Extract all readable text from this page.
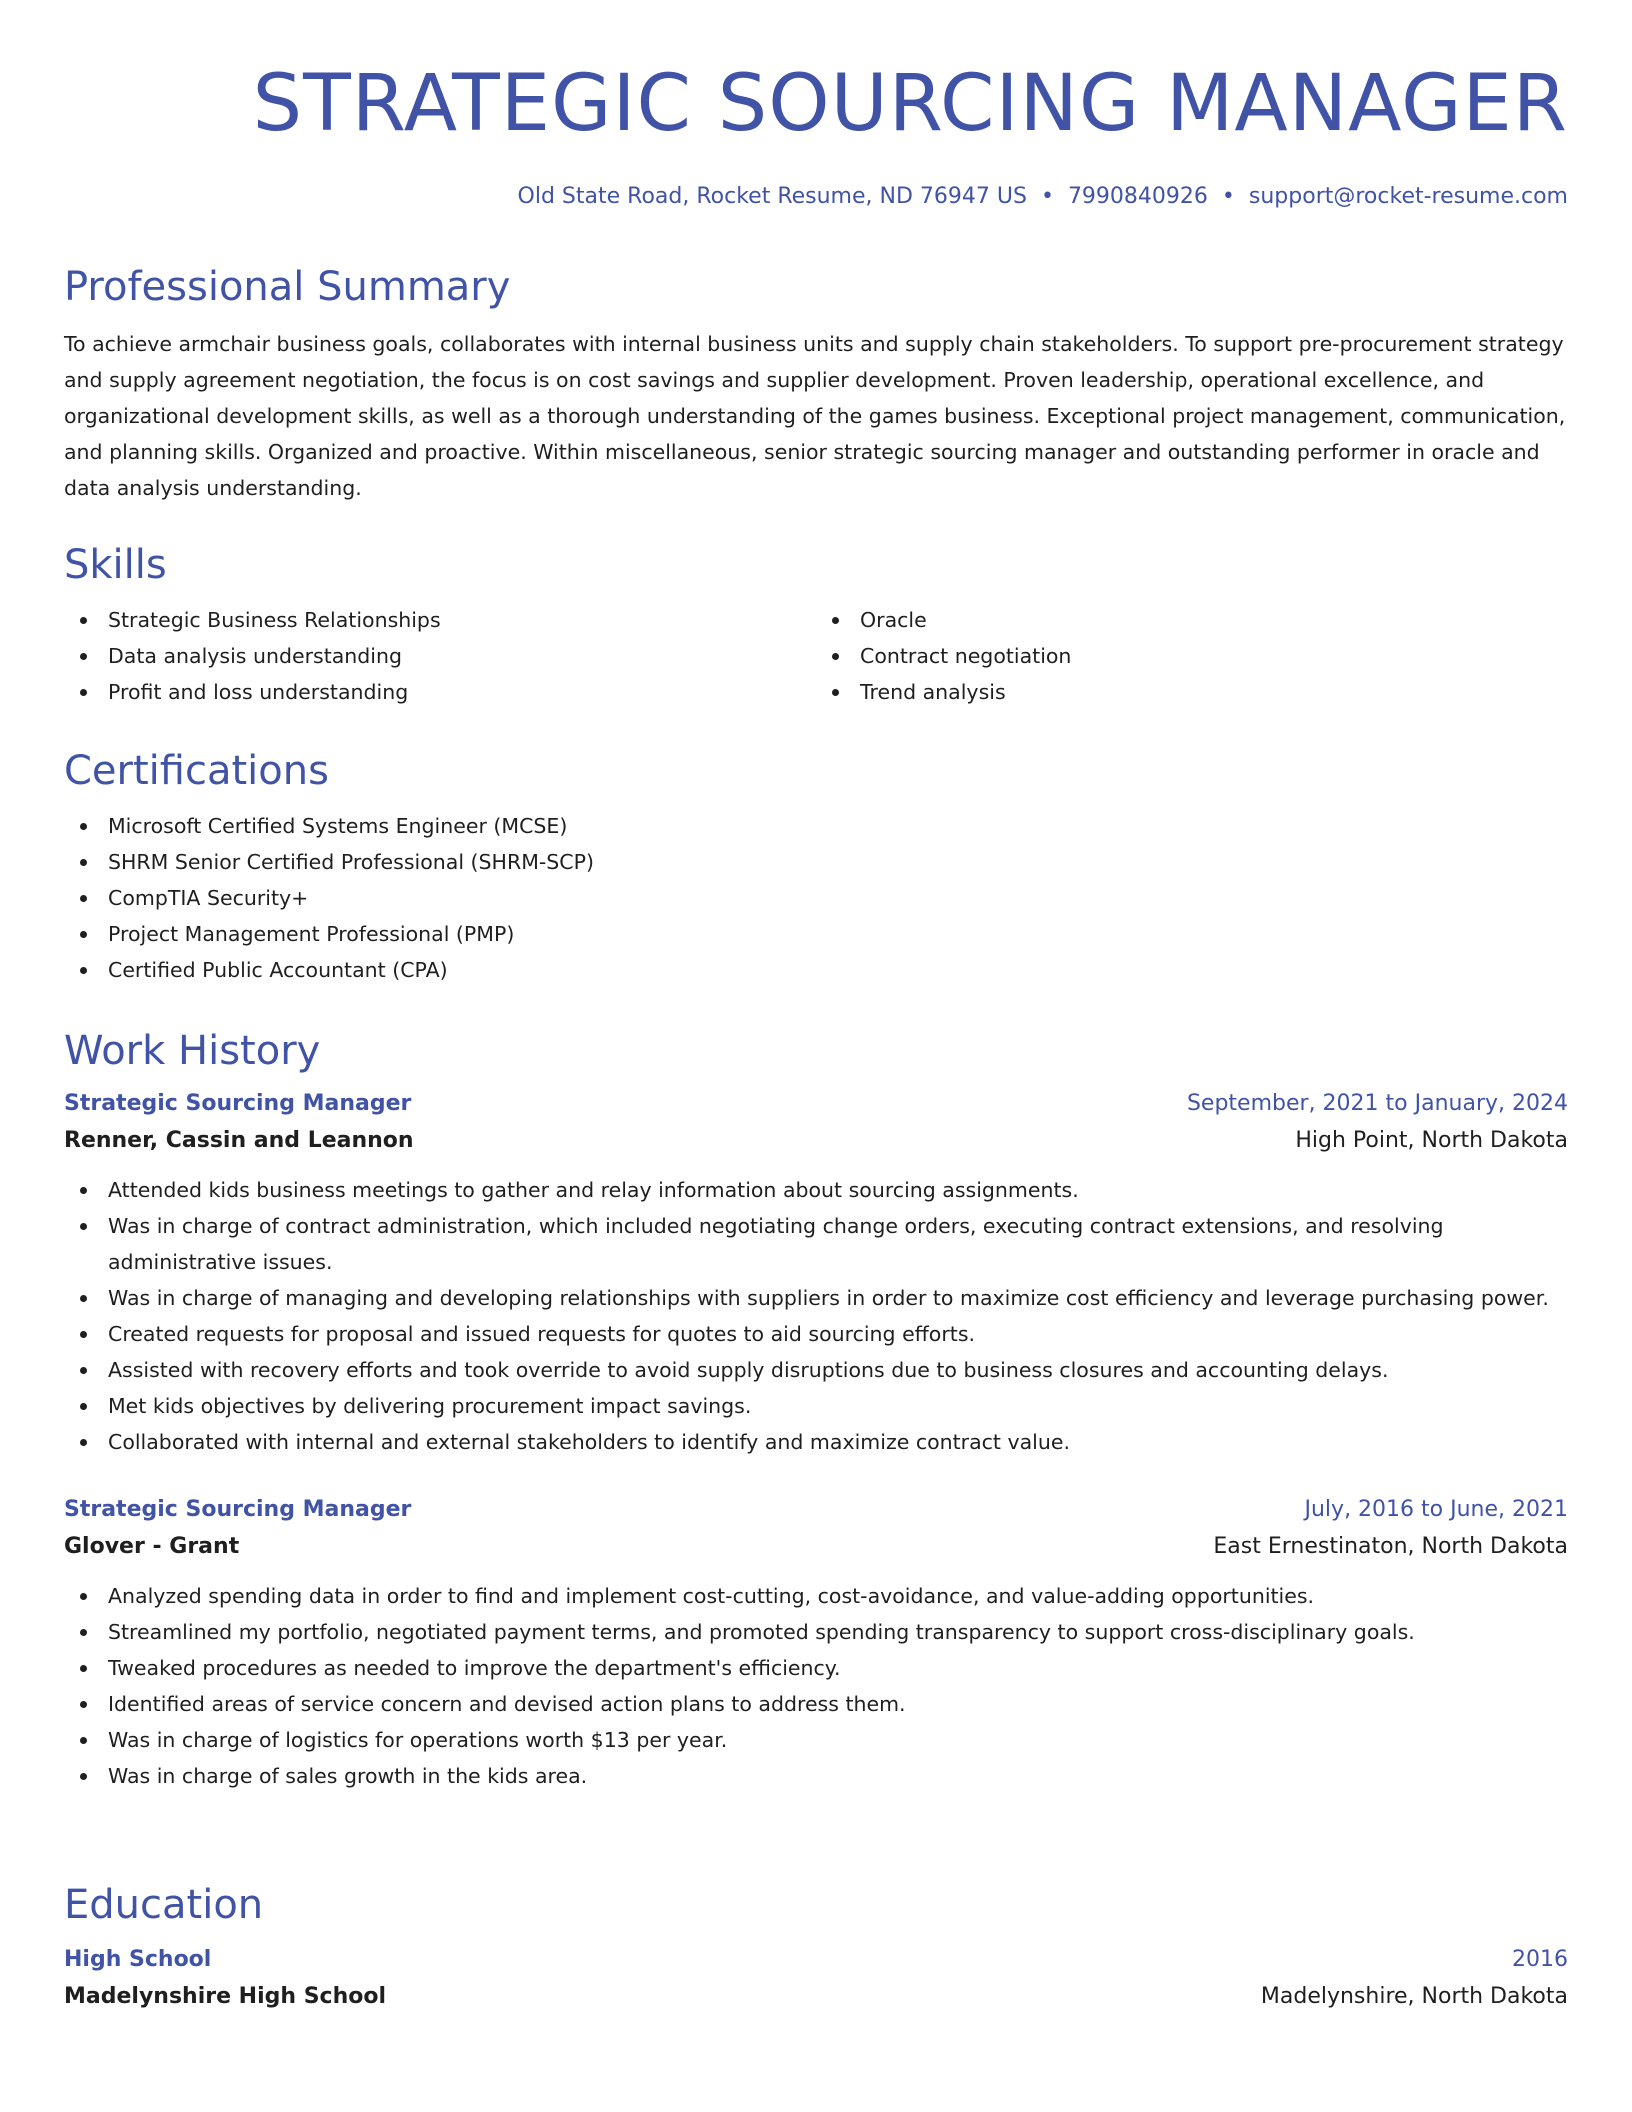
STRATEGIC SOURCING MANAGER
Old State Road, Rocket Resume, ND 76947 US • 7990840926 • support@rocket-resume.com
Professional Summary

To achieve armchair business goals, collaborates with internal business units and supply chain stakeholders. To support pre-procurement strategy and supply agreement negotiation, the focus is on cost savings and supplier development. Proven leadership, operational excellence, and organizational development skills, as well as a thorough understanding of the games business. Exceptional project management, communication, and planning skills. Organized and proactive. Within miscellaneous, senior strategic sourcing manager and outstanding performer in oracle and data analysis understanding.

Skills
Strategic Business Relationships
Data analysis understanding
Profit and loss understanding
Oracle
Contract negotiation
Trend analysis
Certifications
Microsoft Certified Systems Engineer (MCSE)
SHRM Senior Certified Professional (SHRM-SCP)
CompTIA Security+
Project Management Professional (PMP)
Certified Public Accountant (CPA)
Work History
Strategic Sourcing Manager	September, 2021 to January, 2024
Renner, Cassin and Leannon	High Point, North Dakota
Attended kids business meetings to gather and relay information about sourcing assignments.
Was in charge of contract administration, which included negotiating change orders, executing contract extensions, and resolving administrative issues.
Was in charge of managing and developing relationships with suppliers in order to maximize cost efficiency and leverage purchasing power.
Created requests for proposal and issued requests for quotes to aid sourcing efforts.
Assisted with recovery efforts and took override to avoid supply disruptions due to business closures and accounting delays.
Met kids objectives by delivering procurement impact savings.
Collaborated with internal and external stakeholders to identify and maximize contract value.
Strategic Sourcing Manager	July, 2016 to June, 2021
Glover - Grant	East Ernestinaton, North Dakota
Analyzed spending data in order to find and implement cost-cutting, cost-avoidance, and value-adding opportunities.
Streamlined my portfolio, negotiated payment terms, and promoted spending transparency to support cross-disciplinary goals.
Tweaked procedures as needed to improve the department's efficiency.
Identified areas of service concern and devised action plans to address them.
Was in charge of logistics for operations worth $13 per year.
Was in charge of sales growth in the kids area.
Education
High School	2016
Madelynshire High School	Madelynshire, North Dakota
